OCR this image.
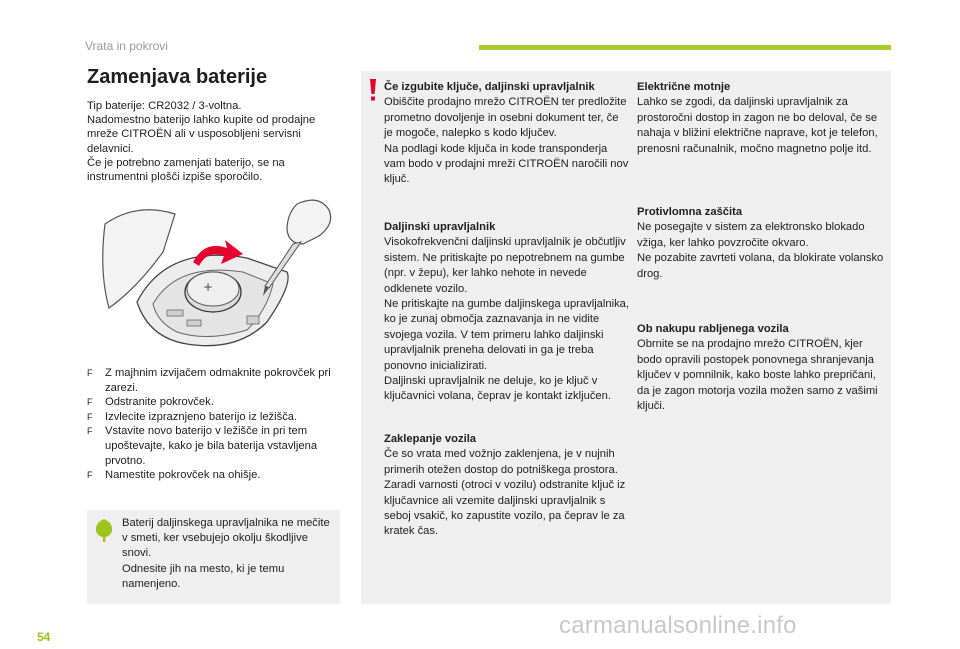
Vrata in pokrovi
Zamenjava baterije

Tip baterije: CR2032 / 3-voltna.

Nadomestno baterijo lahko kupite od prodajne mreže CITROËN ali v usposobljeni servisni delavnici.

Če je potrebno zamenjati baterijo, se na instrumentni plošči izpiše sporočilo.

+
F	Z majhnim izvijačem odmaknite pokrovček pri zarezi.
F	Odstranite pokrovček.
F	Izvlecite izpraznjeno baterijo iz ležišča.
F	Vstavite novo baterijo v ležišče in pri tem upoštevajte, kako je bila baterija vstavljena prvotno.
F	Namestite pokrovček na ohišje.

Baterij daljinskega upravljalnika ne mečite v smeti, ker vsebujejo okolju škodljive snovi.

Odnesite jih na mesto, ki je temu namenjeno.

Če izgubite ključe, daljinski upravljalnik

Obiščite prodajno mrežo CITROËN ter predložite prometno dovoljenje in osebni dokument ter, če je mogoče, nalepko s kodo ključev.

Na podlagi kode ključa in kode transponderja vam bodo v prodajni mreži CITROËN naročili nov ključ.

Daljinski upravljalnik

Visokofrekvenčni daljinski upravljalnik je občutljiv sistem. Ne pritiskajte po nepotrebnem na gumbe (npr. v žepu), ker lahko nehote in nevede odklenete vozilo.

Ne pritiskajte na gumbe daljinskega upravljalnika, ko je zunaj območja zaznavanja in ne vidite svojega vozila. V tem primeru lahko daljinski upravljalnik preneha delovati in ga je treba ponovno inicializirati.

Daljinski upravljalnik ne deluje, ko je ključ v ključavnici volana, čeprav je kontakt izključen.

Zaklepanje vozila

Če so vrata med vožnjo zaklenjena, je v nujnih primerih otežen dostop do potniškega prostora.

Zaradi varnosti (otroci v vozilu) odstranite ključ iz ključavnice ali vzemite daljinski upravljalnik s seboj vsakič, ko zapustite vozilo, pa čeprav le za kratek čas.

Električne motnje

Lahko se zgodi, da daljinski upravljalnik za prostoročni dostop in zagon ne bo deloval, če se nahaja v bližini električne naprave, kot je telefon, prenosni računalnik, močno magnetno polje itd.

Protivlomna zaščita

Ne posegajte v sistem za elektronsko blokado vžiga, ker lahko povzročite okvaro.

Ne pozabite zavrteti volana, da blokirate volansko drog.

Ob nakupu rabljenega vozila

Obrnite se na prodajno mrežo CITROËN, kjer bodo opravili postopek ponovnega shranjevanja ključev v pomnilnik, kako boste lahko prepričani, da je zagon motorja vozila možen samo z vašimi ključi.

54	carmanualsonline.info
